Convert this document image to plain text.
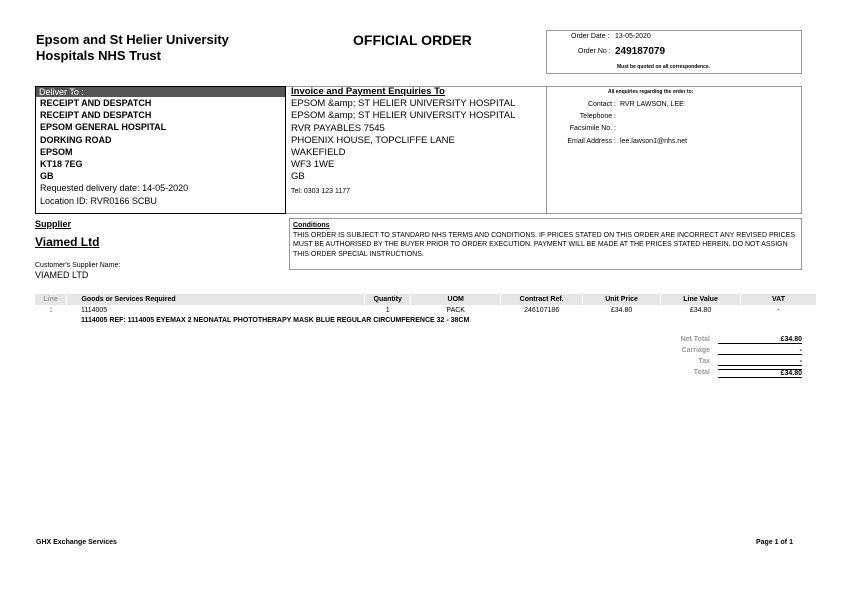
Epsom and St Helier University
Hospitals NHS Trust
OFFICIAL ORDER	Order Date : 13-05-2020
Order No : 249187079
Must be quoted on all correspondence.
Deliver To :
RECEIPT AND DESPATCH
RECEIPT AND DESPATCH
EPSOM GENERAL HOSPITAL
DORKING ROAD
EPSOM
KT18 7EG
GB
Requested delivery date: 14-05-2020
Location ID: RVR0166 SCBU
Invoice and Payment Enquiries To
EPSOM &amp; ST HELIER UNIVERSITY HOSPITAL
EPSOM &amp; ST HELIER UNIVERSITY HOSPITAL
RVR PAYABLES 7545
PHOENIX HOUSE, TOPCLIFFE LANE
WAKEFIELD
WF3 1WE
GB
Tel: 0303 123 1177
All enquiries regarding the order to:
Contact : RVR LAWSON, LEE
Telephone :
Facsimile No. :
Email Address : lee.lawson1@nhs.net
Supplier
Viamed Ltd
Customer's Supplier Name:
VIAMED LTD
Conditions
THIS ORDER IS SUBJECT TO STANDARD NHS TERMS AND CONDITIONS. IF PRICES STATED ON THIS ORDER ARE INCORRECT ANY REVISED PRICES MUST BE AUTHORISED BY THE BUYER PRIOR TO ORDER EXECUTION. PAYMENT WILL BE MADE AT THE PRICES STATED HEREIN. DO NOT ASSIGN THIS ORDER SPECIAL INSTRUCTIONS.
Line	Goods or Services Required	Quantity	UOM	Contract Ref.	Unit Price	Line Value	VAT
1	1114005	1	PACK	246107186	£34.80	£34.80	-
	1114005 REF: 1114005 EYEMAX 2 NEONATAL PHOTOTHERAPY MASK BLUE REGULAR CIRCUMFERENCE 32 - 38CM						
Net Total	£34.80
Carriage	-
Tax	-
Total	£34.80
GHX Exchange Services	Page 1 of 1
